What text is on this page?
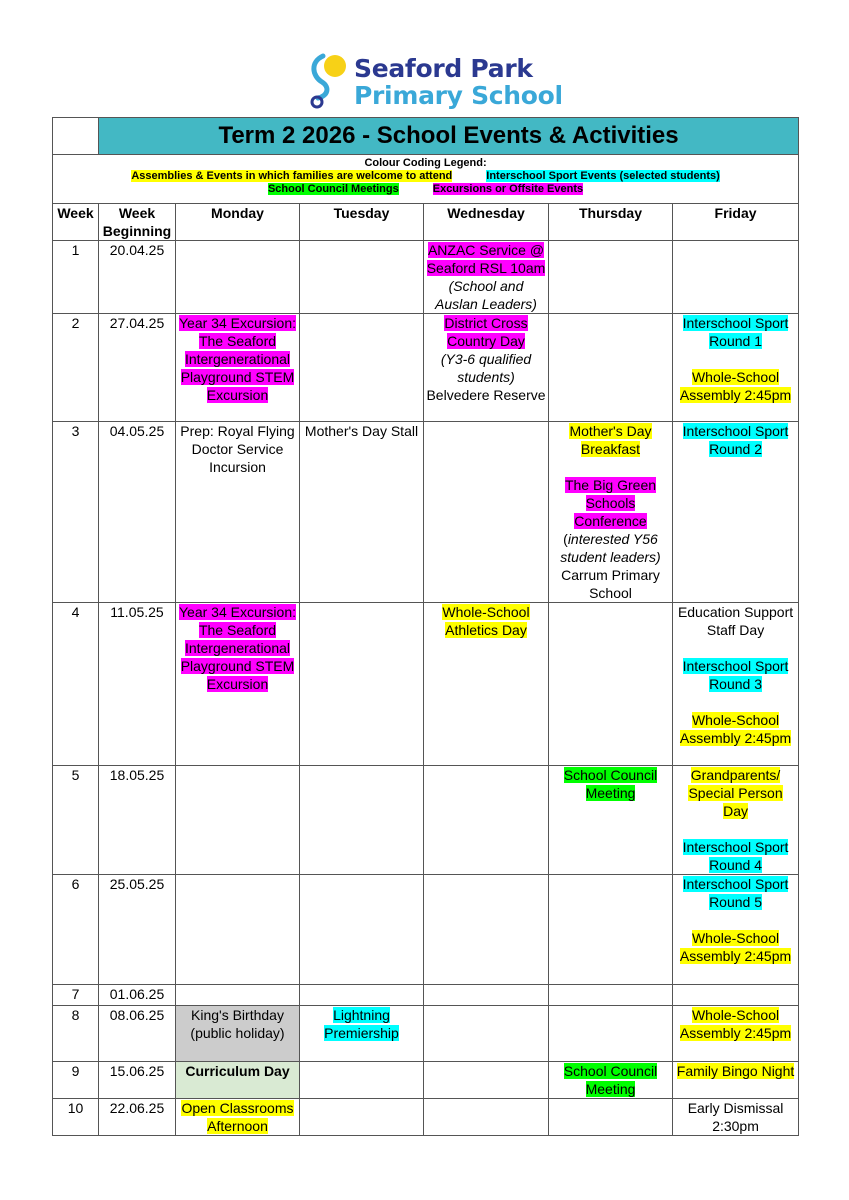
Seaford Park
Primary School
	Term 2 2026 - School Events & Activities					

Colour Coding Legend:
Assemblies & Events in which families are welcome to attend Interschool Sport Events (selected students)
School Council Meetings Excursions or Offsite Events						

Week	Week Beginning	Monday	Tuesday	Wednesday	Thursday	Friday
1	20.04.25			ANZAC Service @ Seaford RSL 10am
(School and Auslan Leaders)		

2	27.04.25	Year 34 Excursion: The Seaford Intergenerational Playground STEM Excursion		District Cross Country Day
(Y3-6 qualified students)
Belvedere Reserve		Interschool Sport Round 1
Whole-School Assembly 2:45pm
3	04.05.25	Prep: Royal Flying Doctor Service Incursion	Mother's Day Stall		Mother's Day Breakfast
The Big Green Schools Conference
(interested Y56 student leaders)
Carrum Primary School	Interschool Sport Round 2
4	11.05.25	Year 34 Excursion: The Seaford Intergenerational Playground STEM Excursion		Whole-School Athletics Day		Education Support Staff Day
Interschool Sport Round 3
Whole-School Assembly 2:45pm
5	18.05.25				School Council Meeting	Grandparents/ Special Person Day
Interschool Sport Round 4
6	25.05.25					Interschool Sport Round 5
Whole-School Assembly 2:45pm
7	01.06.25					
8	08.06.25	King's Birthday (public holiday)	Lightning Premiership			Whole-School Assembly 2:45pm
9	15.06.25	Curriculum Day			School Council Meeting	Family Bingo Night
10	22.06.25	Open Classrooms Afternoon				Early Dismissal 2:30pm
